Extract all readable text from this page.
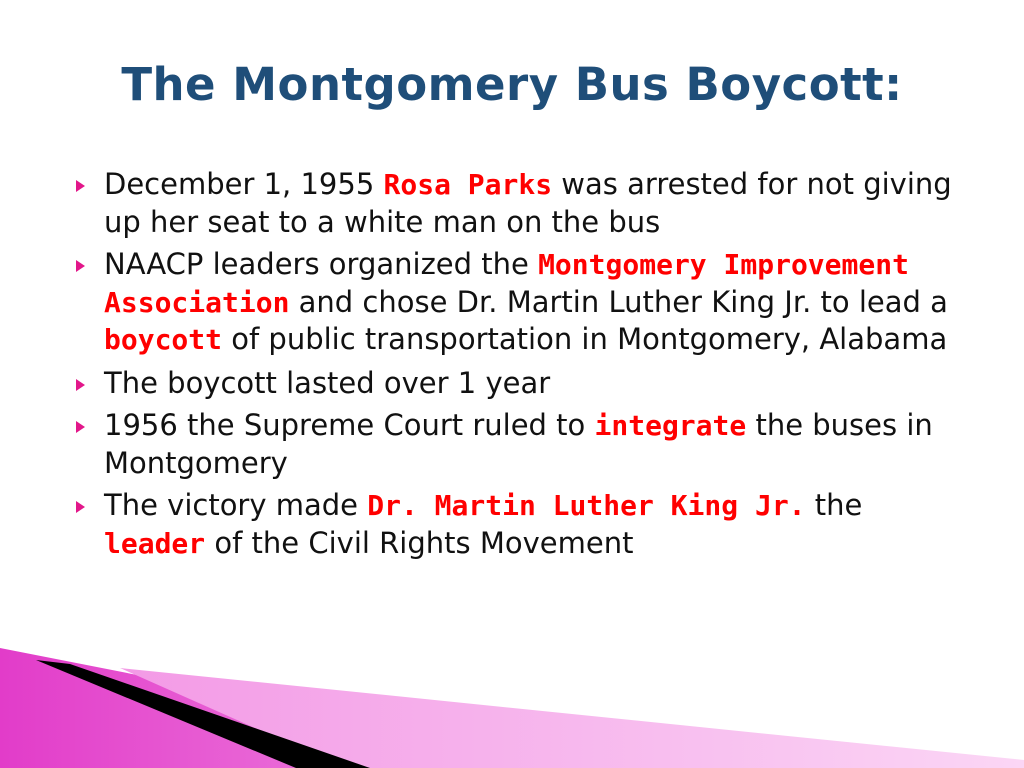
The Montgomery Bus Boycott:
December 1, 1955 Rosa Parks was arrested for not giving up her seat to a white man on the bus
NAACP leaders organized the Montgomery Improvement Association and chose Dr. Martin Luther King Jr. to lead a boycott of public transportation in Montgomery, Alabama
The boycott lasted over 1 year
1956 the Supreme Court ruled to integrate the buses in Montgomery
The victory made Dr. Martin Luther King Jr. the leader of the Civil Rights Movement
